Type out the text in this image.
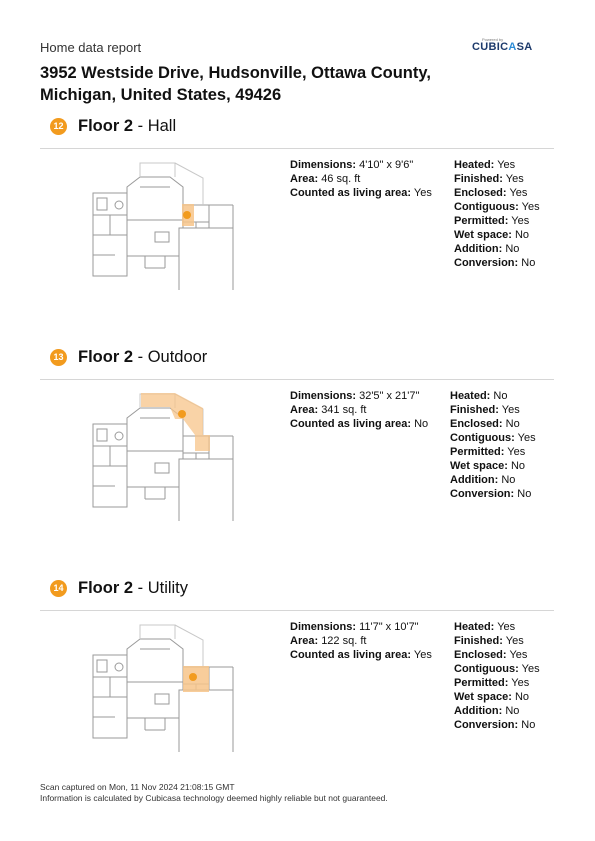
Home data report
Powered by
CUBICASA
3952 Westside Drive, Hudsonville, Ottawa County,
Michigan, United States, 49426
12 Floor 2 - Hall
Dimensions: 4'10" x 9'6"
Area: 46 sq. ft
Counted as living area: Yes
Heated: Yes
Finished: Yes
Enclosed: Yes
Contiguous: Yes
Permitted: Yes
Wet space: No
Addition: No
Conversion: No
13 Floor 2 - Outdoor
Dimensions: 32'5" x 21'7"
Area: 341 sq. ft
Counted as living area: No
Heated: No
Finished: Yes
Enclosed: No
Contiguous: Yes
Permitted: Yes
Wet space: No
Addition: No
Conversion: No
14 Floor 2 - Utility
Dimensions: 11'7" x 10'7"
Area: 122 sq. ft
Counted as living area: Yes
Heated: Yes
Finished: Yes
Enclosed: Yes
Contiguous: Yes
Permitted: Yes
Wet space: No
Addition: No
Conversion: No
Scan captured on Mon, 11 Nov 2024 21:08:15 GMT
Information is calculated by Cubicasa technology deemed highly reliable but not guaranteed.
